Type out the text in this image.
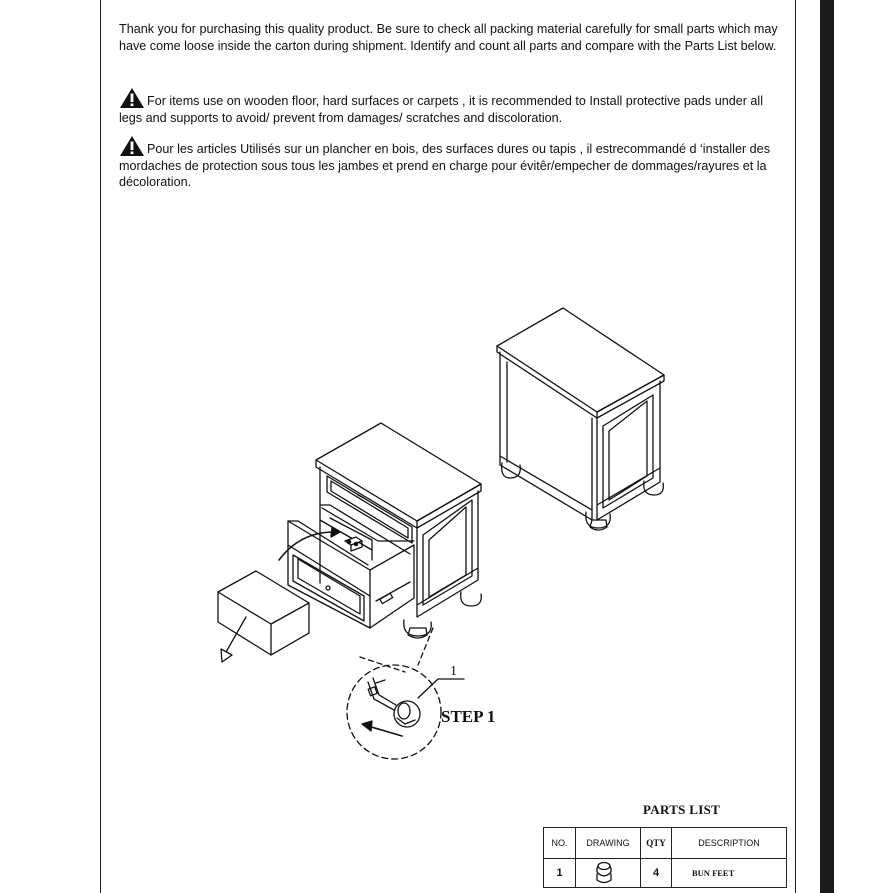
Thank you for purchasing this quality product. Be sure to check all packing material carefully for small parts which may have come loose inside the carton during shipment. Identify and count all parts and compare with the Parts List below.
For items use on wooden floor, hard surfaces or carpets , it is recommended to Install protective pads under all legs and supports to avoid/ prevent from damages/ scratches and discoloration.
Pour les articles Utilisés sur un plancher en bois, des surfaces dures ou tapis , il estrecommandé d ‘installer des mordaches de protection sous tous les jambes et prend en charge pour évitêr/empecher de dommages/rayures et la décoloration.
1
STEP 1
PARTS LIST
NO.	DRAWING	QTY	DESCRIPTION
1		4	BUN FEET
